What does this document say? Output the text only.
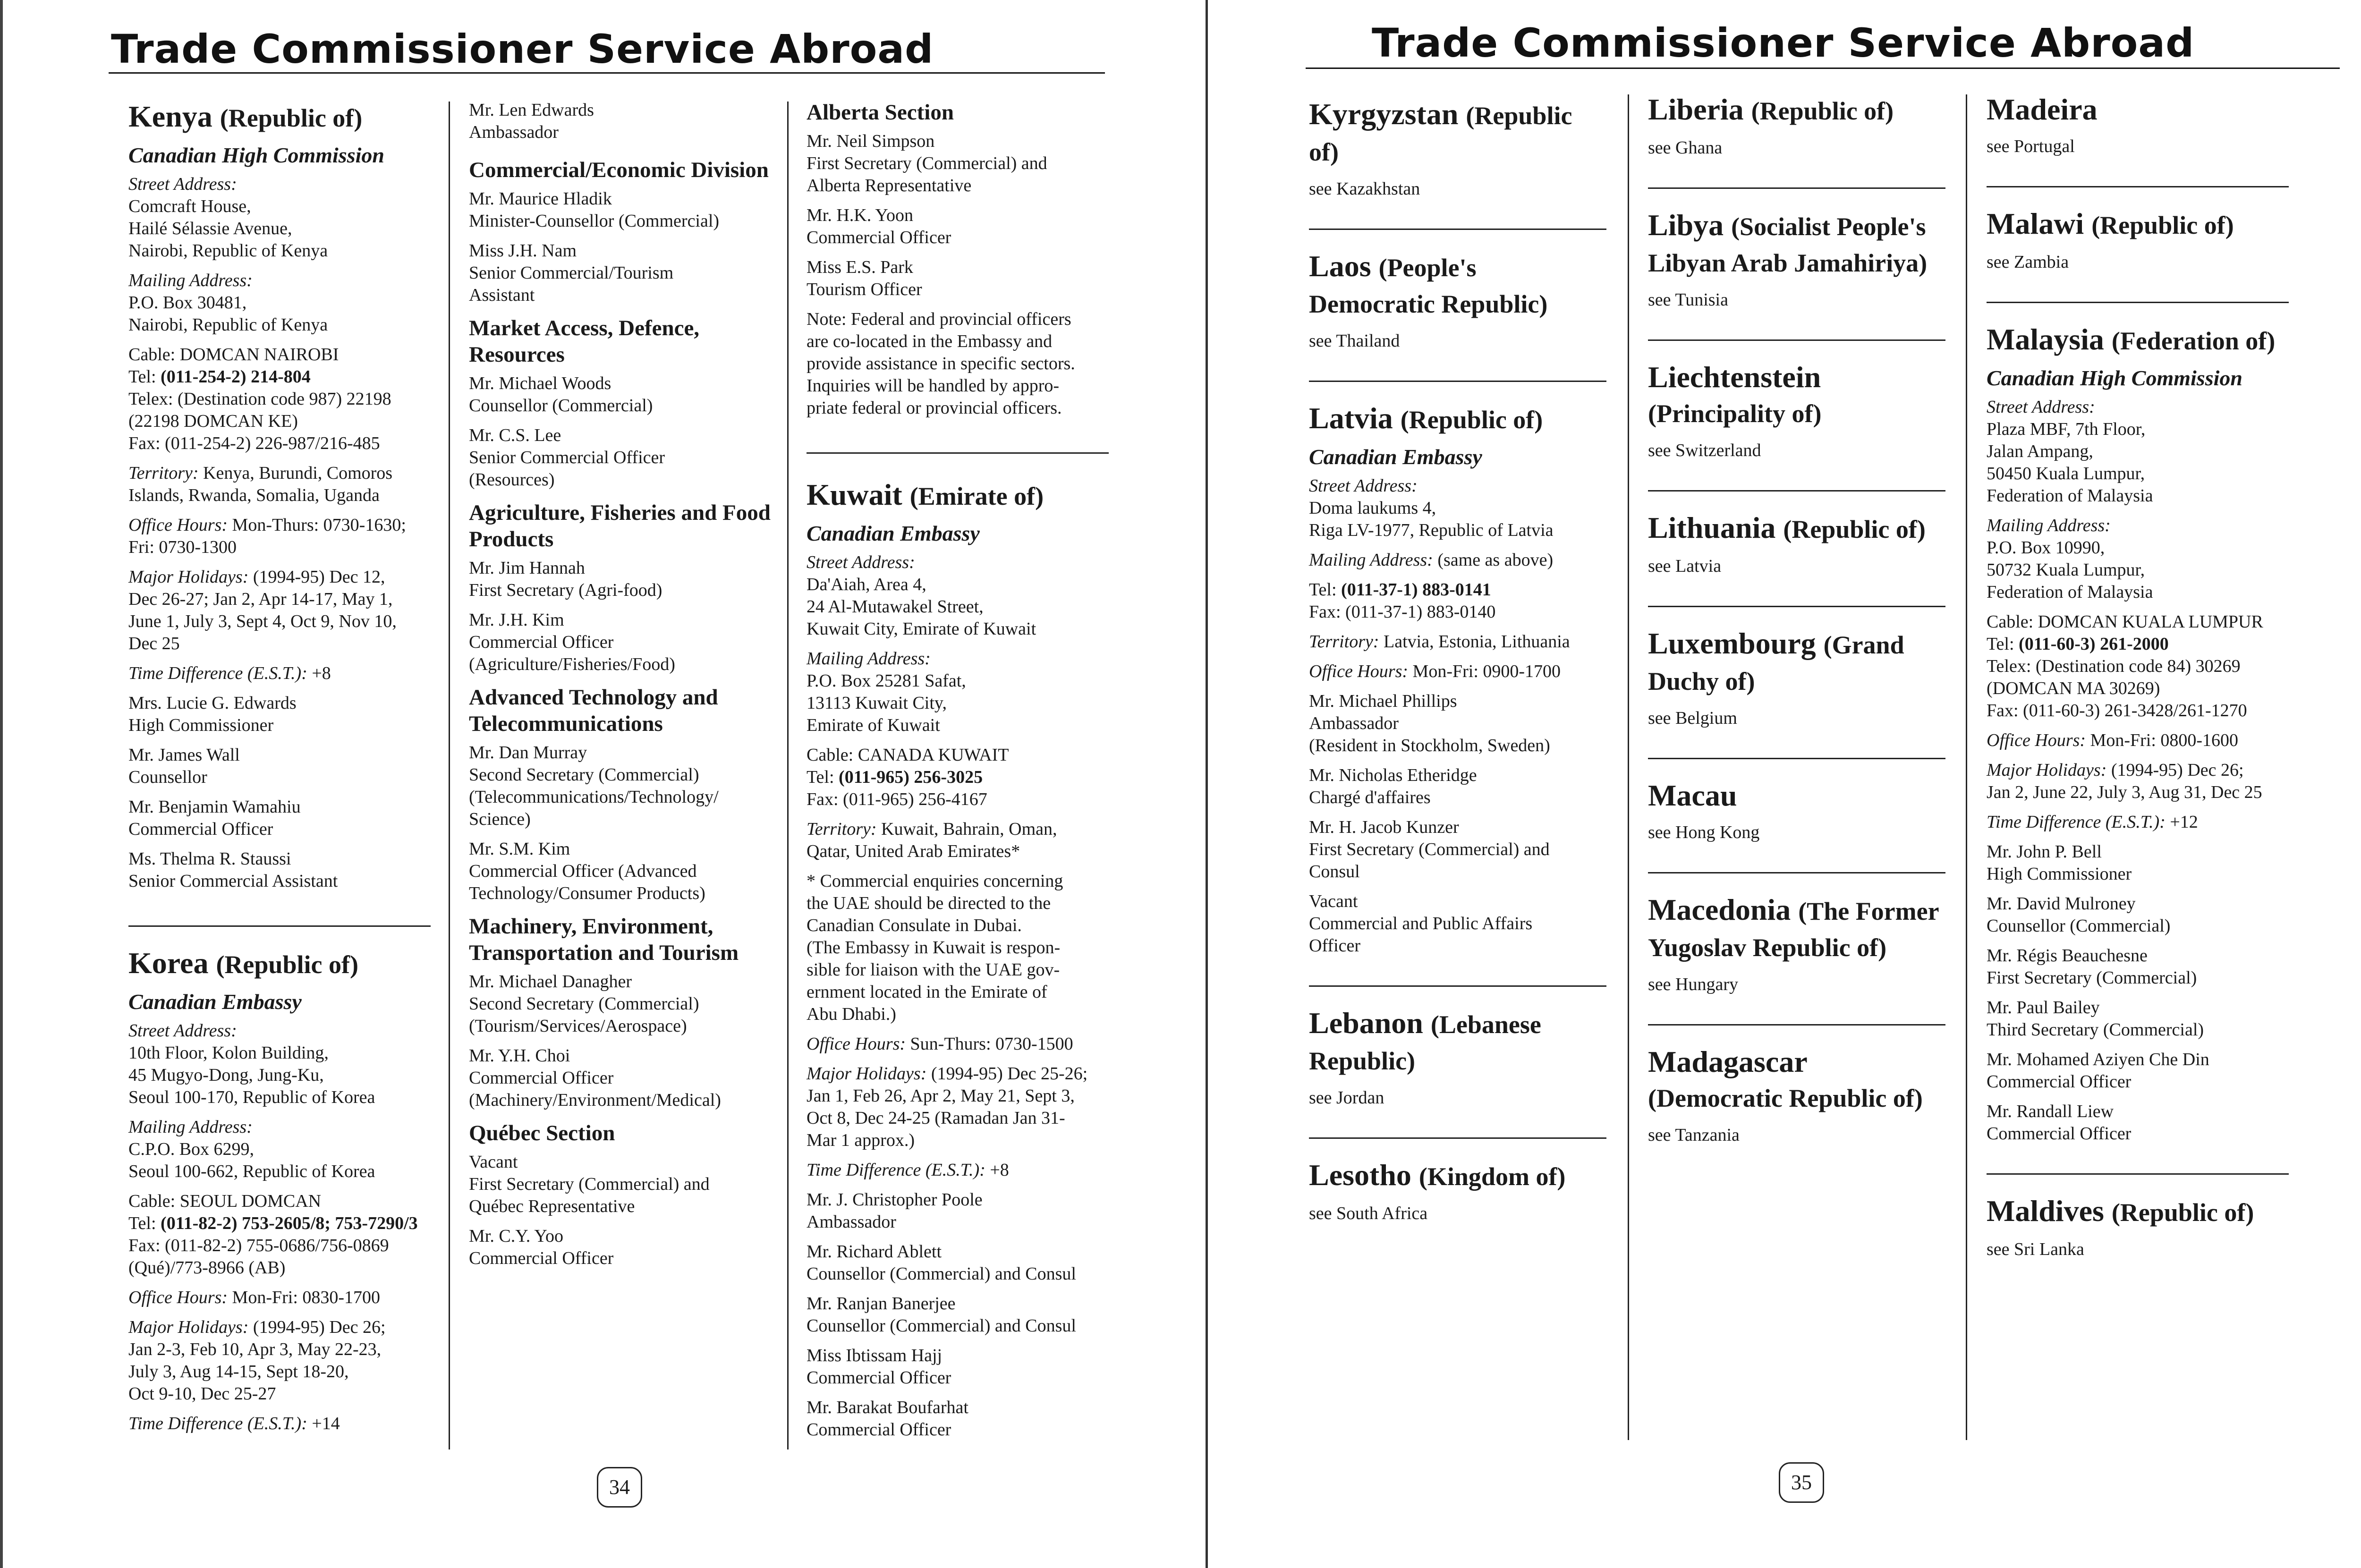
Trade Commissioner Service Abroad
Kenya (Republic of)
Canadian High Commission

Street Address:
Comcraft House,
Hailé Sélassie Avenue,
Nairobi, Republic of Kenya

Mailing Address:
P.O. Box 30481,
Nairobi, Republic of Kenya

Cable: DOMCAN NAIROBI
Tel: (011-254-2) 214-804
Telex: (Destination code 987) 22198
(22198 DOMCAN KE)
Fax: (011-254-2) 226-987/216-485

Territory: Kenya, Burundi, Comoros
Islands, Rwanda, Somalia, Uganda

Office Hours: Mon-Thurs: 0730-1630;
Fri: 0730-1300

Major Holidays: (1994-95) Dec 12,
Dec 26-27; Jan 2, Apr 14-17, May 1,
June 1, July 3, Sept 4, Oct 9, Nov 10,
Dec 25

Time Difference (E.S.T.): +8

Mrs. Lucie G. Edwards
High Commissioner

Mr. James Wall
Counsellor

Mr. Benjamin Wamahiu
Commercial Officer

Ms. Thelma R. Staussi
Senior Commercial Assistant

Korea (Republic of)
Canadian Embassy

Street Address:
10th Floor, Kolon Building,
45 Mugyo-Dong, Jung-Ku,
Seoul 100-170, Republic of Korea

Mailing Address:
C.P.O. Box 6299,
Seoul 100-662, Republic of Korea

Cable: SEOUL DOMCAN
Tel: (011-82-2) 753-2605/8; 753-7290/3
Fax: (011-82-2) 755-0686/756-0869
(Qué)/773-8966 (AB)

Office Hours: Mon-Fri: 0830-1700

Major Holidays: (1994-95) Dec 26;
Jan 2-3, Feb 10, Apr 3, May 22-23,
July 3, Aug 14-15, Sept 18-20,
Oct 9-10, Dec 25-27

Time Difference (E.S.T.): +14

Mr. Len Edwards
Ambassador

Commercial/Economic Division

Mr. Maurice Hladik
Minister-Counsellor (Commercial)

Miss J.H. Nam
Senior Commercial/Tourism
Assistant

Market Access, Defence, Resources

Mr. Michael Woods
Counsellor (Commercial)

Mr. C.S. Lee
Senior Commercial Officer
(Resources)

Agriculture, Fisheries and Food Products

Mr. Jim Hannah
First Secretary (Agri-food)

Mr. J.H. Kim
Commercial Officer
(Agriculture/Fisheries/Food)

Advanced Technology and Telecommunications

Mr. Dan Murray
Second Secretary (Commercial)
(Telecommunications/Technology/
Science)

Mr. S.M. Kim
Commercial Officer (Advanced
Technology/Consumer Products)

Machinery, Environment, Transportation and Tourism

Mr. Michael Danagher
Second Secretary (Commercial)
(Tourism/Services/Aerospace)

Mr. Y.H. Choi
Commercial Officer
(Machinery/Environment/Medical)

Québec Section

Vacant
First Secretary (Commercial) and
Québec Representative

Mr. C.Y. Yoo
Commercial Officer

Alberta Section

Mr. Neil Simpson
First Secretary (Commercial) and
Alberta Representative

Mr. H.K. Yoon
Commercial Officer

Miss E.S. Park
Tourism Officer

Note: Federal and provincial officers
are co-located in the Embassy and
provide assistance in specific sectors.
Inquiries will be handled by appro-
priate federal or provincial officers.

Kuwait (Emirate of)
Canadian Embassy

Street Address:
Da'Aiah, Area 4,
24 Al-Mutawakel Street,
Kuwait City, Emirate of Kuwait

Mailing Address:
P.O. Box 25281 Safat,
13113 Kuwait City,
Emirate of Kuwait

Cable: CANADA KUWAIT
Tel: (011-965) 256-3025
Fax: (011-965) 256-4167

Territory: Kuwait, Bahrain, Oman,
Qatar, United Arab Emirates*

* Commercial enquiries concerning
the UAE should be directed to the
Canadian Consulate in Dubai.
(The Embassy in Kuwait is respon-
sible for liaison with the UAE gov-
ernment located in the Emirate of
Abu Dhabi.)

Office Hours: Sun-Thurs: 0730-1500

Major Holidays: (1994-95) Dec 25-26;
Jan 1, Feb 26, Apr 2, May 21, Sept 3,
Oct 8, Dec 24-25 (Ramadan Jan 31-
Mar 1 approx.)

Time Difference (E.S.T.): +8

Mr. J. Christopher Poole
Ambassador

Mr. Richard Ablett
Counsellor (Commercial) and Consul

Mr. Ranjan Banerjee
Counsellor (Commercial) and Consul

Miss Ibtissam Hajj
Commercial Officer

Mr. Barakat Boufarhat
Commercial Officer

34
Trade Commissioner Service Abroad
Kyrgyzstan (Republic of)

see Kazakhstan

Laos (People's Democratic Republic)

see Thailand

Latvia (Republic of)
Canadian Embassy

Street Address:
Doma laukums 4,
Riga LV-1977, Republic of Latvia

Mailing Address: (same as above)

Tel: (011-37-1) 883-0141
Fax: (011-37-1) 883-0140

Territory: Latvia, Estonia, Lithuania

Office Hours: Mon-Fri: 0900-1700

Mr. Michael Phillips
Ambassador
(Resident in Stockholm, Sweden)

Mr. Nicholas Etheridge
Chargé d'affaires

Mr. H. Jacob Kunzer
First Secretary (Commercial) and
Consul

Vacant
Commercial and Public Affairs
Officer

Lebanon (Lebanese Republic)

see Jordan

Lesotho (Kingdom of)

see South Africa

Liberia (Republic of)

see Ghana

Libya (Socialist People's Libyan Arab Jamahiriya)

see Tunisia

Liechtenstein (Principality of)

see Switzerland

Lithuania (Republic of)

see Latvia

Luxembourg (Grand Duchy of)

see Belgium

Macau

see Hong Kong

Macedonia (The Former Yugoslav Republic of)

see Hungary

Madagascar (Democratic Republic of)

see Tanzania

Madeira

see Portugal

Malawi (Republic of)

see Zambia

Malaysia (Federation of)
Canadian High Commission

Street Address:
Plaza MBF, 7th Floor,
Jalan Ampang,
50450 Kuala Lumpur,
Federation of Malaysia

Mailing Address:
P.O. Box 10990,
50732 Kuala Lumpur,
Federation of Malaysia

Cable: DOMCAN KUALA LUMPUR
Tel: (011-60-3) 261-2000
Telex: (Destination code 84) 30269
(DOMCAN MA 30269)
Fax: (011-60-3) 261-3428/261-1270

Office Hours: Mon-Fri: 0800-1600

Major Holidays: (1994-95) Dec 26;
Jan 2, June 22, July 3, Aug 31, Dec 25

Time Difference (E.S.T.): +12

Mr. John P. Bell
High Commissioner

Mr. David Mulroney
Counsellor (Commercial)

Mr. Régis Beauchesne
First Secretary (Commercial)

Mr. Paul Bailey
Third Secretary (Commercial)

Mr. Mohamed Aziyen Che Din
Commercial Officer

Mr. Randall Liew
Commercial Officer

Maldives (Republic of)

see Sri Lanka

35
